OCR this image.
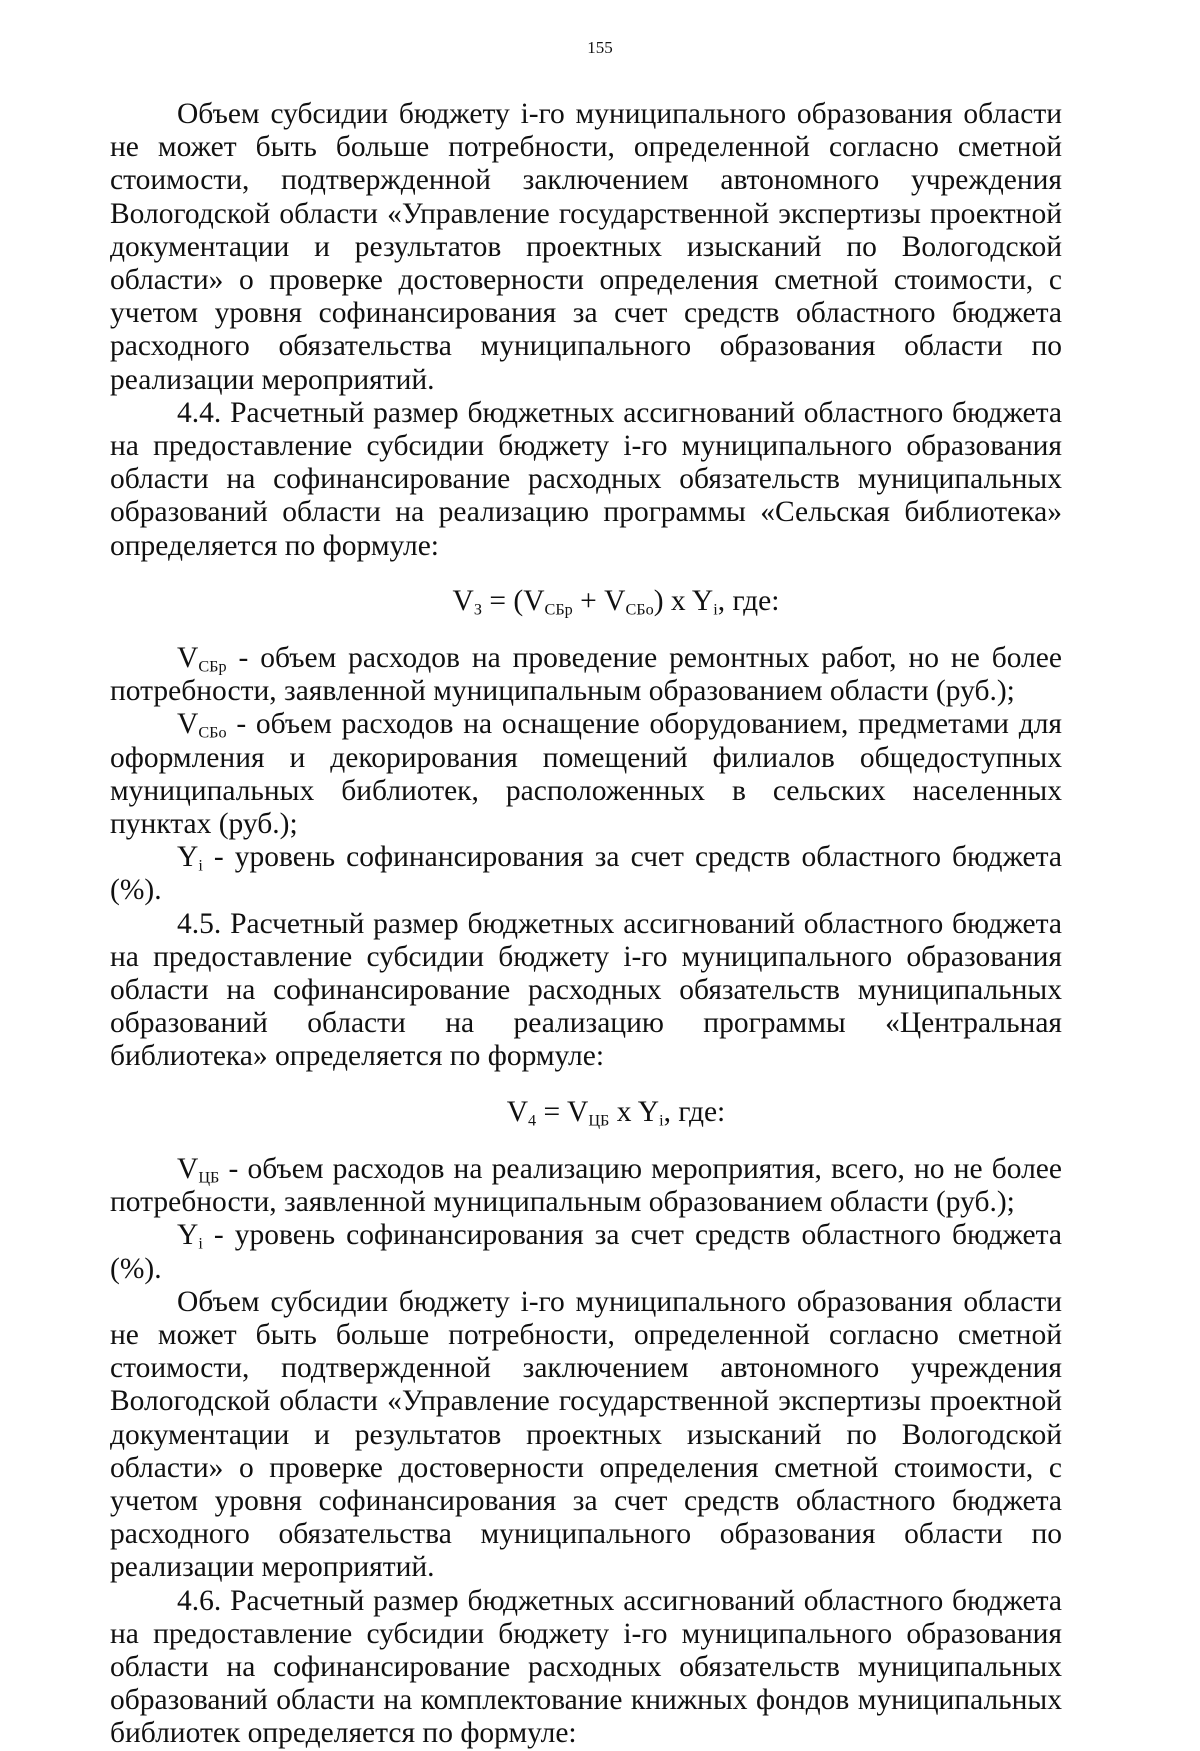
155

Объем субсидии бюджету i-го муниципального образования области не может быть больше потребности, определенной согласно сметной стоимости, подтвержденной заключением автономного учреждения Вологодской области «Управление государственной экспертизы проектной документации и результатов проектных изысканий по Вологодской области» о проверке достоверности определения сметной стоимости, с учетом уровня софинансирования за счет средств областного бюджета расходного обязательства муниципального образования области по реализации мероприятий.

4.4. Расчетный размер бюджетных ассигнований областного бюджета на предоставление субсидии бюджету i-го муниципального образования области на софинансирование расходных обязательств муниципальных образований области на реализацию программы «Сельская библиотека» определяется по формуле:

$V_З = (V_{СБр} + V_{СБо})$ x $Y_i$, где:

$V_{СБр}$ - объем расходов на проведение ремонтных работ, но не более потребности, заявленной муниципальным образованием области (руб.);

$V_{СБо}$ - объем расходов на оснащение оборудованием, предметами для оформления и декорирования помещений филиалов общедоступных муниципальных библиотек, расположенных в сельских населенных пунктах (руб.);

$Y_i$ - уровень софинансирования за счет средств областного бюджета (%).

4.5. Расчетный размер бюджетных ассигнований областного бюджета на предоставление субсидии бюджету i-го муниципального образования области на софинансирование расходных обязательств муниципальных образований области на реализацию программы «Центральная библиотека» определяется по формуле:

$V_4 = V_{ЦБ}$ x $Y_i$, где:

$V_{ЦБ}$ - объем расходов на реализацию мероприятия, всего, но не более потребности, заявленной муниципальным образованием области (руб.);

$Y_i$ - уровень софинансирования за счет средств областного бюджета (%).

Объем субсидии бюджету i-го муниципального образования области не может быть больше потребности, определенной согласно сметной стоимости, подтвержденной заключением автономного учреждения Вологодской области «Управление государственной экспертизы проектной документации и результатов проектных изысканий по Вологодской области» о проверке достоверности определения сметной стоимости, с учетом уровня софинансирования за счет средств областного бюджета расходного обязательства муниципального образования области по реализации мероприятий.

4.6. Расчетный размер бюджетных ассигнований областного бюджета на предоставление субсидии бюджету i-го муниципального образования области на софинансирование расходных обязательств муниципальных образований области на комплектование книжных фондов муниципальных библиотек определяется по формуле:
